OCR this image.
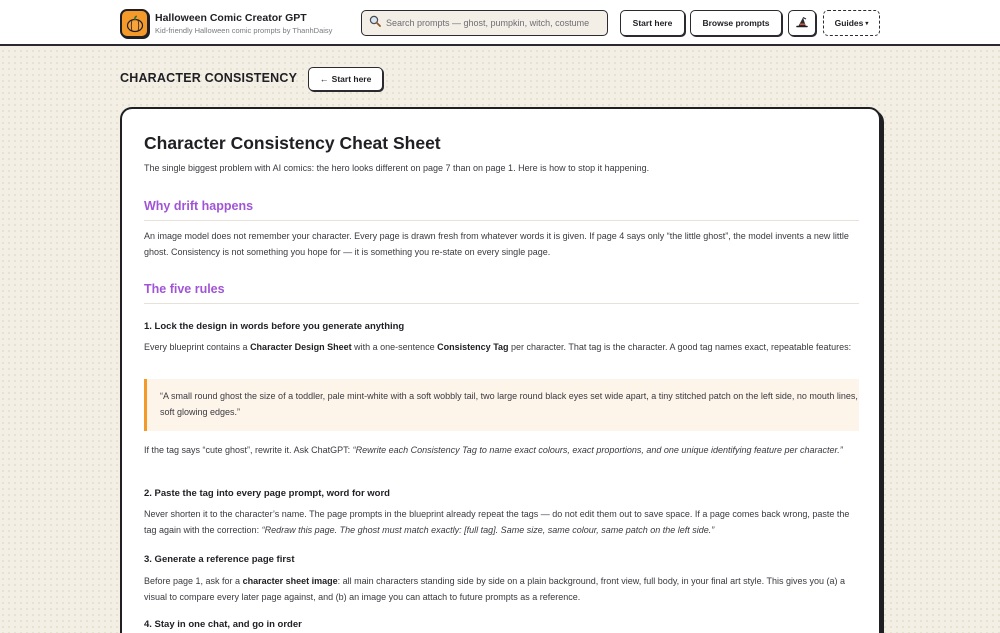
Halloween Comic Creator GPT
Kid-friendly Halloween comic prompts by ThanhDaisy
Search prompts — ghost, pumpkin, witch, costume
Start here	Browse prompts	Guides ▾
CHARACTER CONSISTENCY	← Start here
Character Consistency Cheat Sheet
The single biggest problem with AI comics: the hero looks different on page 7 than on page 1. Here is how to stop it happening.
Why drift happens
An image model does not remember your character. Every page is drawn fresh from whatever words it is given. If page 4 says only “the little ghost”, the model invents a new little ghost. Consistency is not something you hope for — it is something you re-state on every single page.
The five rules
1. Lock the design in words before you generate anything
Every blueprint contains a Character Design Sheet with a one-sentence Consistency Tag per character. That tag is the character. A good tag names exact, repeatable features:
“A small round ghost the size of a toddler, pale mint-white with a soft wobbly tail, two large round black eyes set wide apart, a tiny stitched patch on the left side, no mouth lines, soft glowing edges.”
If the tag says “cute ghost”, rewrite it. Ask ChatGPT: “Rewrite each Consistency Tag to name exact colours, exact proportions, and one unique identifying feature per character.”
2. Paste the tag into every page prompt, word for word
Never shorten it to the character’s name. The page prompts in the blueprint already repeat the tags — do not edit them out to save space. If a page comes back wrong, paste the tag again with the correction: “Redraw this page. The ghost must match exactly: [full tag]. Same size, same colour, same patch on the left side.”
3. Generate a reference page first
Before page 1, ask for a character sheet image: all main characters standing side by side on a plain background, front view, full body, in your final art style. This gives you (a) a visual to compare every later page against, and (b) an image you can attach to future prompts as a reference.
4. Stay in one chat, and go in order
